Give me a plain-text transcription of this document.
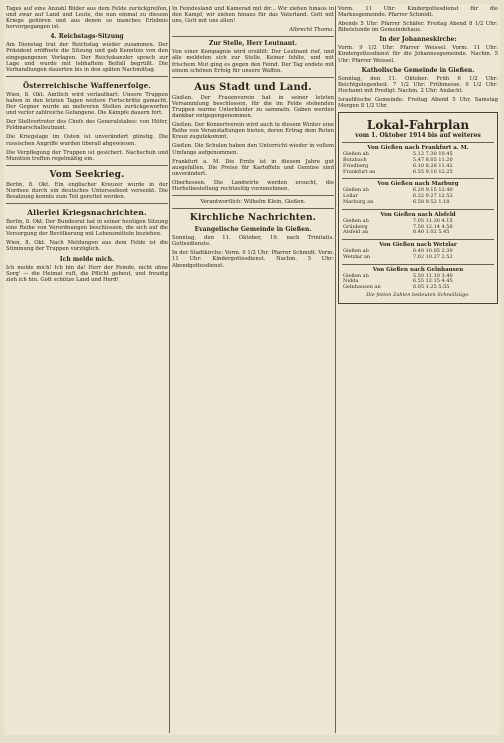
Tages auf eine Anzahl Bilder aus dem Felde zurückgreifen, und zwar auf Land und Leute, die nun einmal zu diesem Kriege gehören und aus denen so manches Erlebnis hervorgegangen ist.

4. Reichstags-Sitzung

Am Dienstag trat der Reichstag wieder zusammen. Der Präsident eröffnete die Sitzung und gab Kenntnis von den eingegangenen Vorlagen. Der Reichskanzler sprach zur Lage und wurde mit lebhaftem Beifall begrüßt. Die Verhandlungen dauerten bis in den späten Nachmittag.

Österreichische Waffenerfolge.

Wien, 8. Okt. Amtlich wird verlautbart: Unsere Truppen haben in den letzten Tagen weitere Fortschritte gemacht. Der Gegner wurde an mehreren Stellen zurückgeworfen und verlor zahlreiche Gefangene. Die Kämpfe dauern fort.

Der Stellvertreter des Chefs des Generalstabes: von Höfer, Feldmarschalleutnant.

Die Kriegslage im Osten ist unverändert günstig. Die russischen Angriffe wurden überall abgewiesen.

Die Verpflegung der Truppen ist gesichert. Nachschub und Munition treffen regelmäßig ein.

Vom Seekrieg.

Berlin, 8. Okt. Ein englischer Kreuzer wurde in der Nordsee durch ein deutsches Unterseeboot versenkt. Die Besatzung konnte zum Teil gerettet werden.

Allerlei Kriegsnachrichten.

Berlin, 8. Okt. Der Bundesrat hat in seiner heutigen Sitzung eine Reihe von Verordnungen beschlossen, die sich auf die Versorgung der Bevölkerung mit Lebensmitteln beziehen.

Wien, 8. Okt. Nach Meldungen aus dem Felde ist die Stimmung der Truppen vorzüglich.

Ich melde mich.

Ich melde mich! Ich bin da! Herr der Feinde, nicht ohne Sorg' — die Heimat ruft, die Pflicht gebeut, und freudig zieh ich hin. Gott schütze Land und Herd!

In Feindesland und Kamerad mit dir... Wir ziehen hinaus in den Kampf, wir ziehen hinaus für das Vaterland. Gott mit uns, Gott mit uns allen!

Albrecht Thoma.

Zur Stelle, Herr Leutnant.

Von einer Kompagnie wird erzählt: Der Leutnant rief, und alle meldeten sich zur Stelle. Keiner fehlte, und mit frischem Mut ging es gegen den Feind. Der Tag endete mit einem schönen Erfolg für unsere Waffen.

Aus Stadt und Land.

Gießen. Der Frauenverein hat in seiner letzten Versammlung beschlossen, für die im Felde stehenden Truppen warme Unterkleider zu sammeln. Gaben werden dankbar entgegengenommen.

Gießen. Der Konzertverein wird auch in diesem Winter eine Reihe von Veranstaltungen bieten, deren Ertrag dem Roten Kreuz zugutekommt.

Gießen. Die Schulen haben den Unterricht wieder in vollem Umfange aufgenommen.

Frankfurt a. M. Die Ernte ist in diesem Jahre gut ausgefallen. Die Preise für Kartoffeln und Gemüse sind unverändert.

Oberhessen. Die Landwirte werden ersucht, die Herbstbestellung rechtzeitig vorzunehmen.

Verantwortlich: Wilhelm Klein, Gießen.

Kirchliche Nachrichten.
Evangelische Gemeinde in Gießen.

Sonntag, den 11. Oktober, 19. nach Trinitatis. Gottesdienste.

In der Stadtkirche: Vorm. 9 1/2 Uhr: Pfarrer Schmidt. Vorm. 11 Uhr: Kindergottesdienst. Nachm. 5 Uhr: Abendgottesdienst.

Vorm. 11 Uhr: Kindergottesdienst für die Markusgemeinde. Pfarrer Schmidt.

Abends 5 Uhr: Pfarrer Schäfer. Freitag Abend 8 1/2 Uhr: Bibelstunde im Gemeindehaus.

In der Johanneskirche:

Vorm. 9 1/2 Uhr: Pfarrer Weissel. Vorm. 11 Uhr: Kindergottesdienst für die Johannesgemeinde. Nachm. 5 Uhr: Pfarrer Weissel.

Katholische Gemeinde in Gießen.

Sonntag, den 11. Oktober. Früh 6 1/2 Uhr: Beichtgelegenheit. 7 1/2 Uhr: Frühmesse. 9 1/2 Uhr: Hochamt mit Predigt. Nachm. 2 Uhr: Andacht.

Israelitische Gemeinde: Freitag Abend 5 Uhr, Samstag Morgen 8 1/2 Uhr.

Lokal-Fahrplan
vom 1. Oktober 1914 bis auf weiteres
Von Gießen nach Frankfurt a. M.
Gießen ab	5.12 7.30 10.45
Butzbach	5.47 8.05 11.20
Friedberg	6.10 8.28 11.42
Frankfurt an	6.55 9.10 12.25
Von Gießen nach Marburg
Gießen ab	6.20 9.15 12.40
Lollar	6.32 9.27 12.52
Marburg an	6.58 9.52 1.18
Von Gießen nach Alsfeld
Gießen ab	7.05 11.30 4.15
Grünberg	7.50 12.14 4.58
Alsfeld an	8.40 1.02 5.45
Von Gießen nach Wetzlar
Gießen ab	6.40 10.05 2.30
Wetzlar an	7.02 10.27 2.52
Von Gießen nach Gelnhausen
Gießen ab	5.50 11.10 3.40
Nidda	6.55 12.15 4.45
Gelnhausen an	8.05 1.25 5.55
Die fetten Zahlen bedeuten Schnellzüge.
